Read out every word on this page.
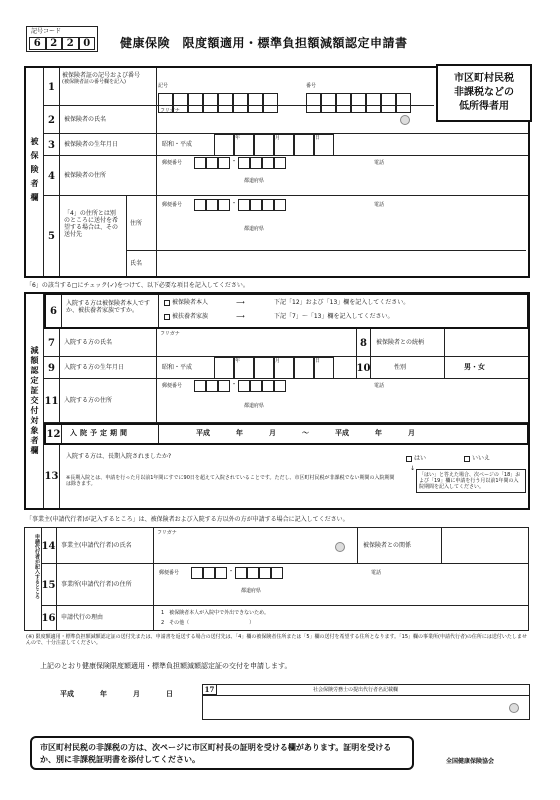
記号コード
6 2 2 0	健康保険　限度額適用・標準負担額減額認定申請書
被保険者欄
市区町村民税
非課税などの
低所得者用
1
被保険者証の記号および番号
(被保険者証の番号欄を記入)
記号	番号
2	被保険者の氏名
フリガナ
3	被保険者の生年月日	昭和・平成
年	月	日
4	被保険者の住所
郵便番号	-	電話
都道府県
5
「4」の住所とは別のところに送付を希望する場合は、その送付先
住所
氏名
郵便番号	-	電話
都道府県
「6」の該当する□にチェック(✓)をつけて、以下必要な項目を記入してください。
減額認定証交付対象者欄
6
入院する方は被保険者本人ですか、被扶養者家族ですか。
被保険者本人	⟶	下記「12」および「13」欄を記入してください。
被扶養者家族	⟶	下記「7」〜「13」欄を記入してください。
7	入院する方の氏名
フリガナ
8	被保険者との続柄
9	入院する方の生年月日	昭和・平成
年	月	日
10	性別	男・女
11 入院する方の住所
郵便番号	-	電話
都道府県
12 入院予定期間	平成	年	月	〜	平成	年	月
13
入院する方は、長期入院されましたか?
※長期入院とは、申請を行った月以前1年間にすでに90日を超えて入院されていることです。ただし、市区町村民税が非課税でない期間の入院期間は除きます。
はい	いいえ
↓
「はい」と答えた場合、次ページの「18」および「19」欄に申請を行う月以前1年間の入院期間を記入してください。
「事業主(申請代行者)が記入するところ」は、被保険者および入院する方以外の方が申請する場合に記入してください。
申請代行者が記入するところ 14 事業主(申請代行者)の氏名
フリガナ
被保険者との関係
15 事業所(申請代行者)の住所
郵便番号	-	電話
都道府県
16 申請代行の理由
1　被保険者本人が入院中で外出できないため。
2　その他（　　　　　　　　　　　　）
(※) 限度額適用・標準負担額減額認定証の送付先または、申請書を返送する場合の送付先は、「4」欄の被保険者住所または「5」欄の送付を希望する住所となります。「15」欄の事業所(申請代行者)の住所には送付いたしませんので、十分注意してください。
上記のとおり健康保険限度額適用・標準負担額減額認定証の交付を申請します。
平成	年	月	日	17	社会保険労務士の提出代行者名記載欄
市区町村民税の非課税の方は、次ページに市区町村長の証明を受ける欄があります。証明を受けるか、別に非課税証明書を添付してください。	全国健康保険協会
